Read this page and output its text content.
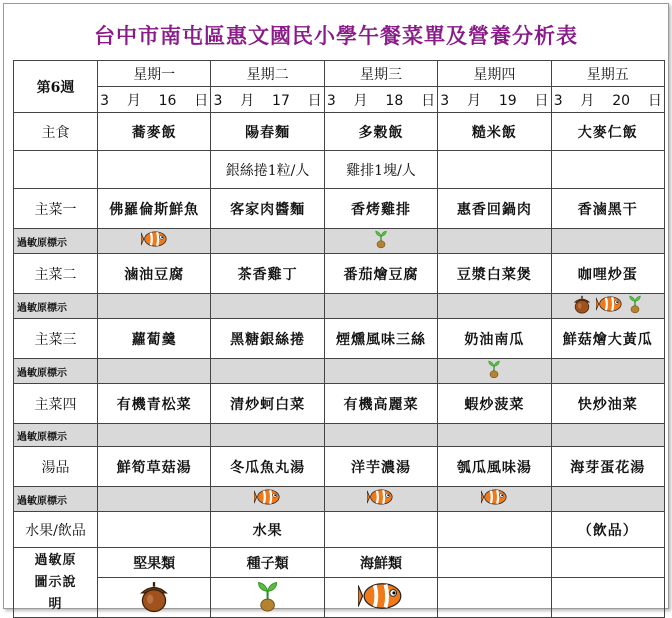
台中市南屯區惠文國民小學午餐菜單及營養分析表
第6週	星期一	星期二	星期三	星期四	星期五
	3 月 16 日	3 月 17 日	3 月 18 日	3 月 19 日	3 月 20 日
主食	蕎麥飯	陽春麵	多穀飯	糙米飯	大麥仁飯
		銀絲捲1粒/人	雞排1塊/人		
主菜一	佛羅倫斯鮮魚	客家肉醬麵	香烤雞排	惠香回鍋肉	香滷黑干
過敏原標示	

主菜二	滷油豆腐	茶香雞丁	番茄燴豆腐	豆漿白菜煲	咖哩炒蛋
過敏原標示					

主菜三	蘿蔔羹	黑糖銀絲捲	煙燻風味三絲	奶油南瓜	鮮菇燴大黃瓜
過敏原標示				

主菜四	有機青松菜	清炒蚵白菜	有機高麗菜	蝦炒菠菜	快炒油菜
過敏原標示					
湯品	鮮筍草菇湯	冬瓜魚丸湯	洋芋濃湯	瓠瓜風味湯	海芽蛋花湯
過敏原標示		

水果/飲品		水果			（飲品）

過敏原
圖示說
明	堅果類	種子類	海鮮類		
